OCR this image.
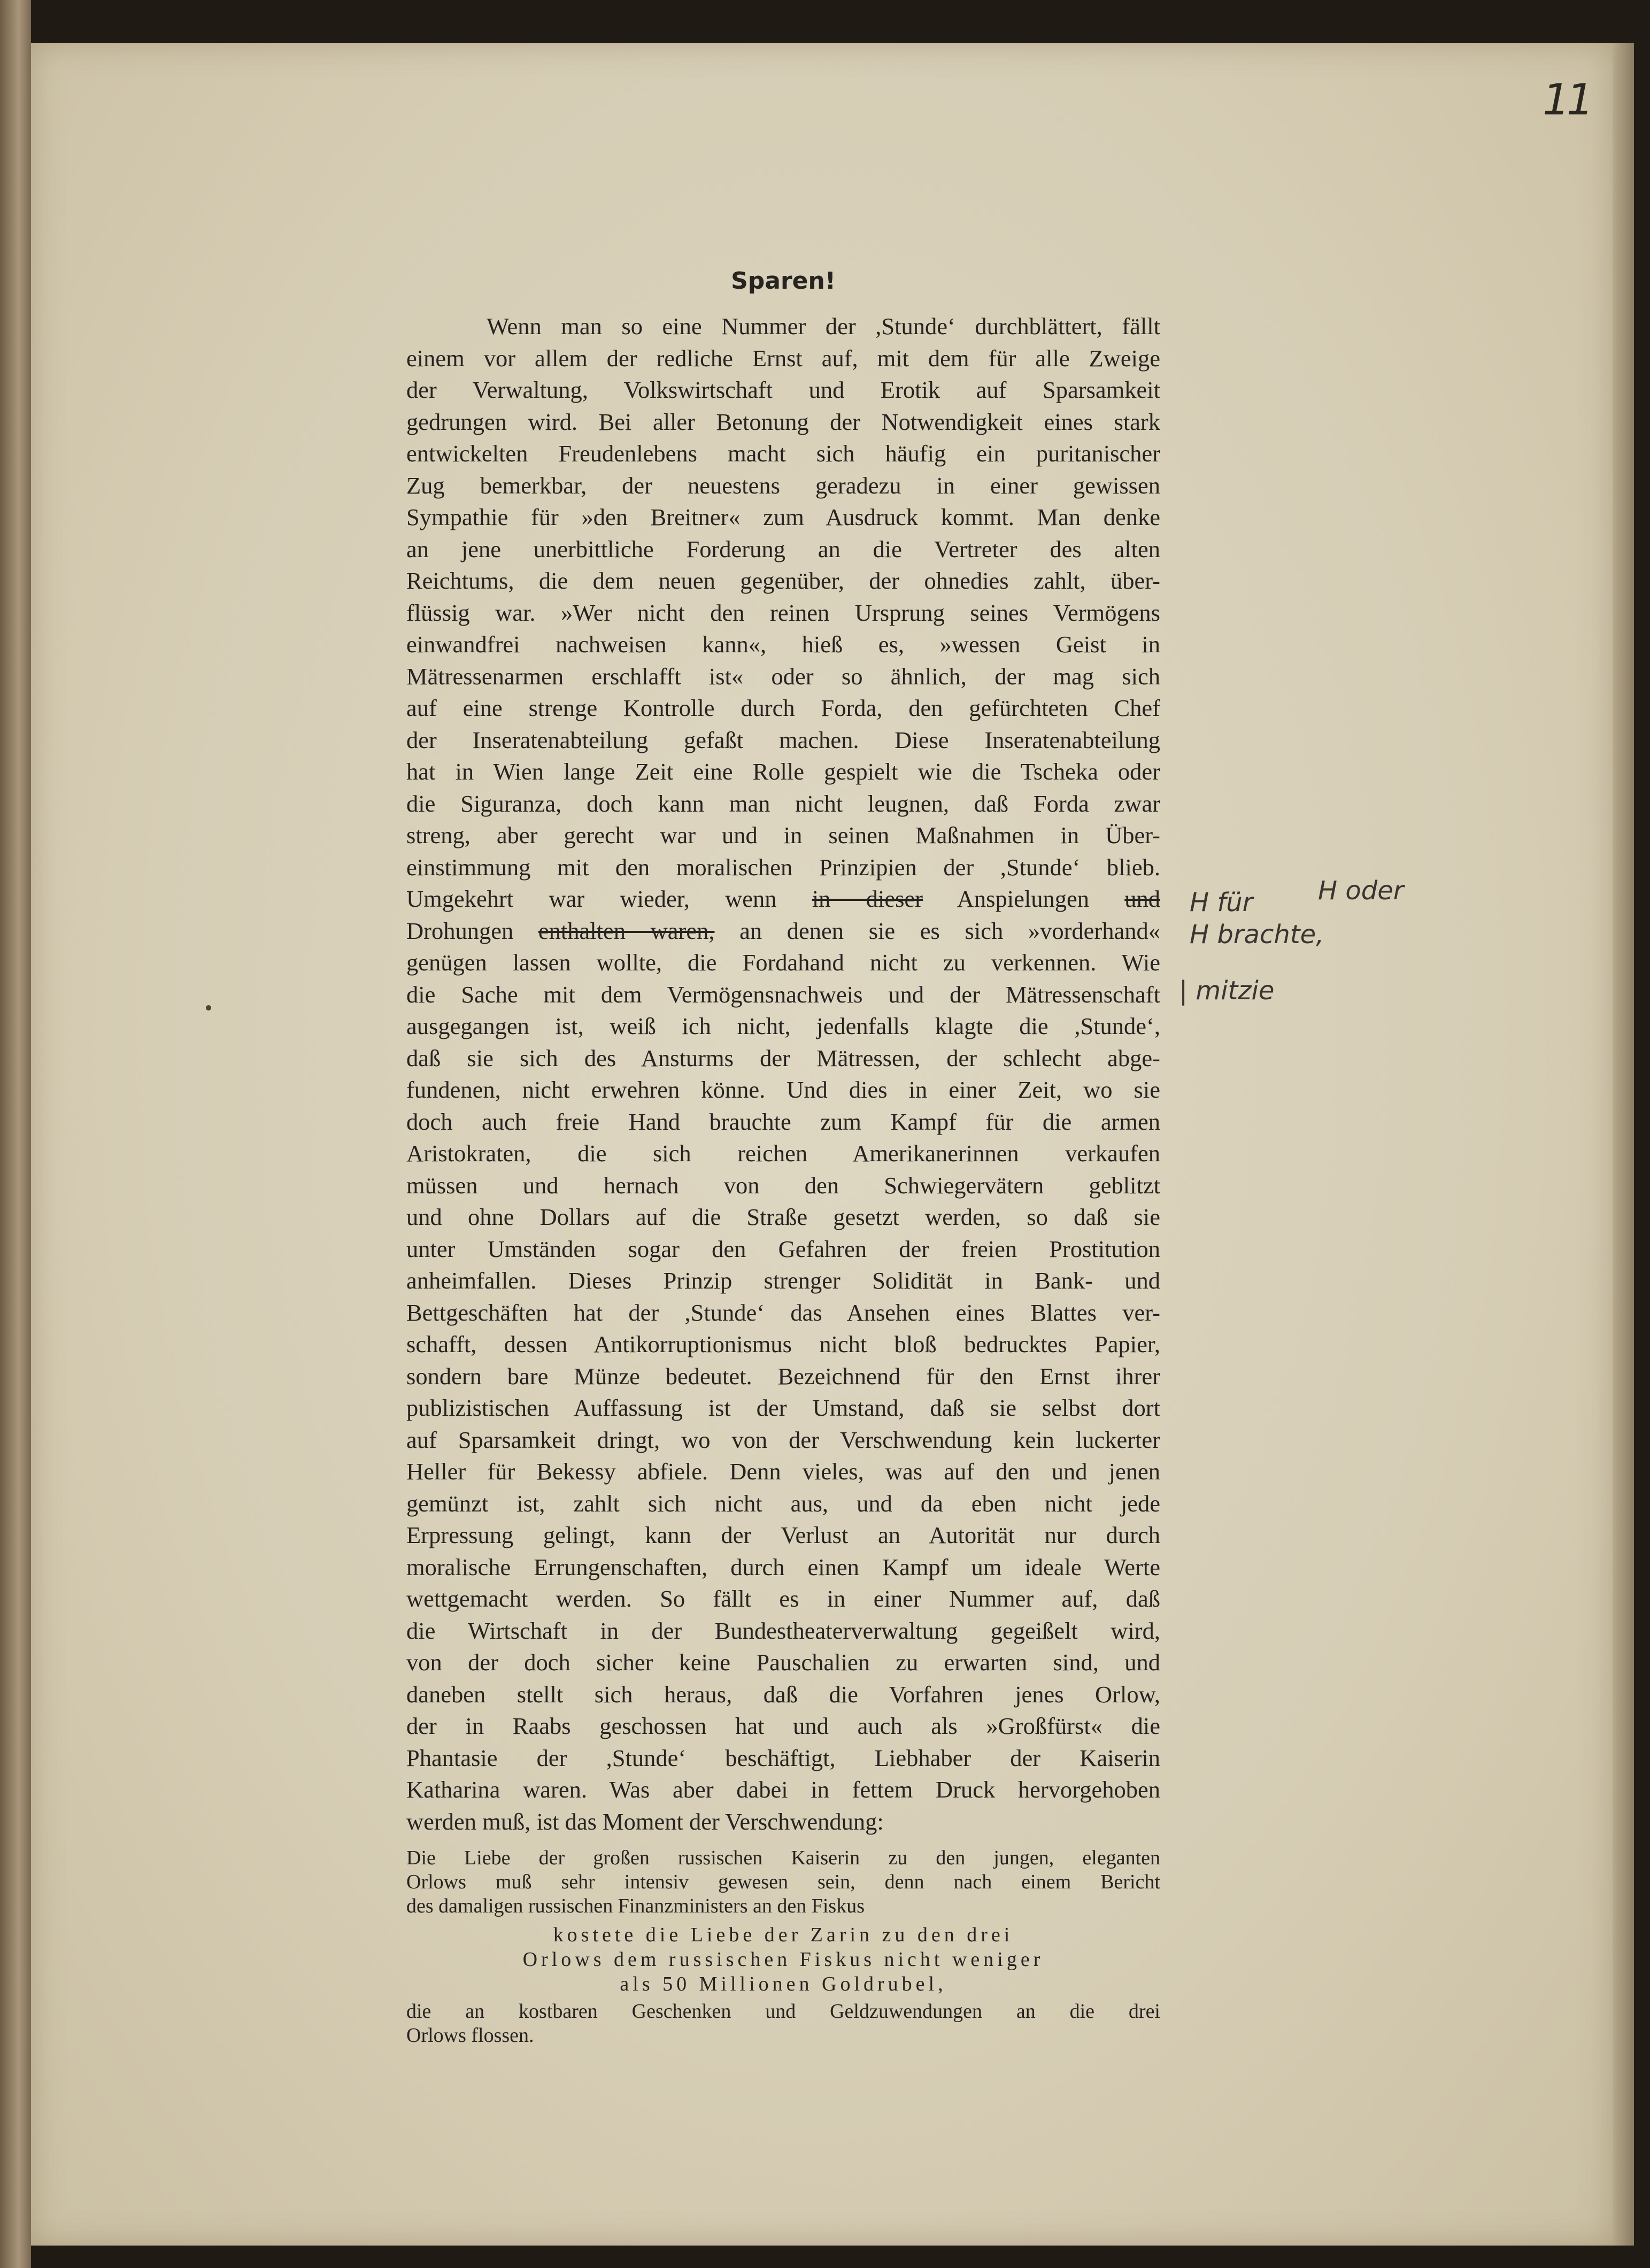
11
Sparen!
Wenn man so eine Nummer der ,Stunde‘ durchblättert, fällt
einem vor allem der redliche Ernst auf, mit dem für alle Zweige
der Verwaltung, Volkswirtschaft und Erotik auf Sparsamkeit
gedrungen wird. Bei aller Betonung der Notwendigkeit eines stark
entwickelten Freudenlebens macht sich häufig ein puritanischer
Zug bemerkbar, der neuestens geradezu in einer gewissen
Sympathie für »den Breitner« zum Ausdruck kommt. Man denke
an jene unerbittliche Forderung an die Vertreter des alten
Reichtums, die dem neuen gegenüber, der ohnedies zahlt, über-
flüssig war. »Wer nicht den reinen Ursprung seines Vermögens
einwandfrei nachweisen kann«, hieß es, »wessen Geist in
Mätressenarmen erschlafft ist« oder so ähnlich, der mag sich
auf eine strenge Kontrolle durch Forda, den gefürchteten Chef
der Inseratenabteilung gefaßt machen. Diese Inseratenabteilung
hat in Wien lange Zeit eine Rolle gespielt wie die Tscheka oder
die Siguranza, doch kann man nicht leugnen, daß Forda zwar
streng, aber gerecht war und in seinen Maßnahmen in Über-
einstimmung mit den moralischen Prinzipien der ,Stunde‘ blieb.
Umgekehrt war wieder, wenn in dieser Anspielungen und
Drohungen enthalten waren, an denen sie es sich »vorderhand«
genügen lassen wollte, die Fordahand nicht zu verkennen. Wie
die Sache mit dem Vermögensnachweis und der Mätressenschaft
ausgegangen ist, weiß ich nicht, jedenfalls klagte die ,Stunde‘,
daß sie sich des Ansturms der Mätressen, der schlecht abge-
fundenen, nicht erwehren könne. Und dies in einer Zeit, wo sie
doch auch freie Hand brauchte zum Kampf für die armen
Aristokraten, die sich reichen Amerikanerinnen verkaufen
müssen und hernach von den Schwiegervätern geblitzt
und ohne Dollars auf die Straße gesetzt werden, so daß sie
unter Umständen sogar den Gefahren der freien Prostitution
anheimfallen. Dieses Prinzip strenger Solidität in Bank- und
Bettgeschäften hat der ,Stunde‘ das Ansehen eines Blattes ver-
schafft, dessen Antikorruptionismus nicht bloß bedrucktes Papier,
sondern bare Münze bedeutet. Bezeichnend für den Ernst ihrer
publizistischen Auffassung ist der Umstand, daß sie selbst dort
auf Sparsamkeit dringt, wo von der Verschwendung kein luckerter
Heller für Bekessy abfiele. Denn vieles, was auf den und jenen
gemünzt ist, zahlt sich nicht aus, und da eben nicht jede
Erpressung gelingt, kann der Verlust an Autorität nur durch
moralische Errungenschaften, durch einen Kampf um ideale Werte
wettgemacht werden. So fällt es in einer Nummer auf, daß
die Wirtschaft in der Bundestheaterverwaltung gegeißelt wird,
von der doch sicher keine Pauschalien zu erwarten sind, und
daneben stellt sich heraus, daß die Vorfahren jenes Orlow,
der in Raabs geschossen hat und auch als »Großfürst« die
Phantasie der ,Stunde‘ beschäftigt, Liebhaber der Kaiserin
Katharina waren. Was aber dabei in fettem Druck hervorgehoben
werden muß, ist das Moment der Verschwendung:
Die Liebe der großen russischen Kaiserin zu den jungen, eleganten
Orlows muß sehr intensiv gewesen sein, denn nach einem Bericht
des damaligen russischen Finanzministers an den Fiskus
kostete die Liebe der Zarin zu den drei
Orlows dem russischen Fiskus nicht weniger
als 50 Millionen Goldrubel,
die an kostbaren Geschenken und Geldzuwendungen an die drei
Orlows flossen.
H für	H oder
H brachte,
| mitzie
